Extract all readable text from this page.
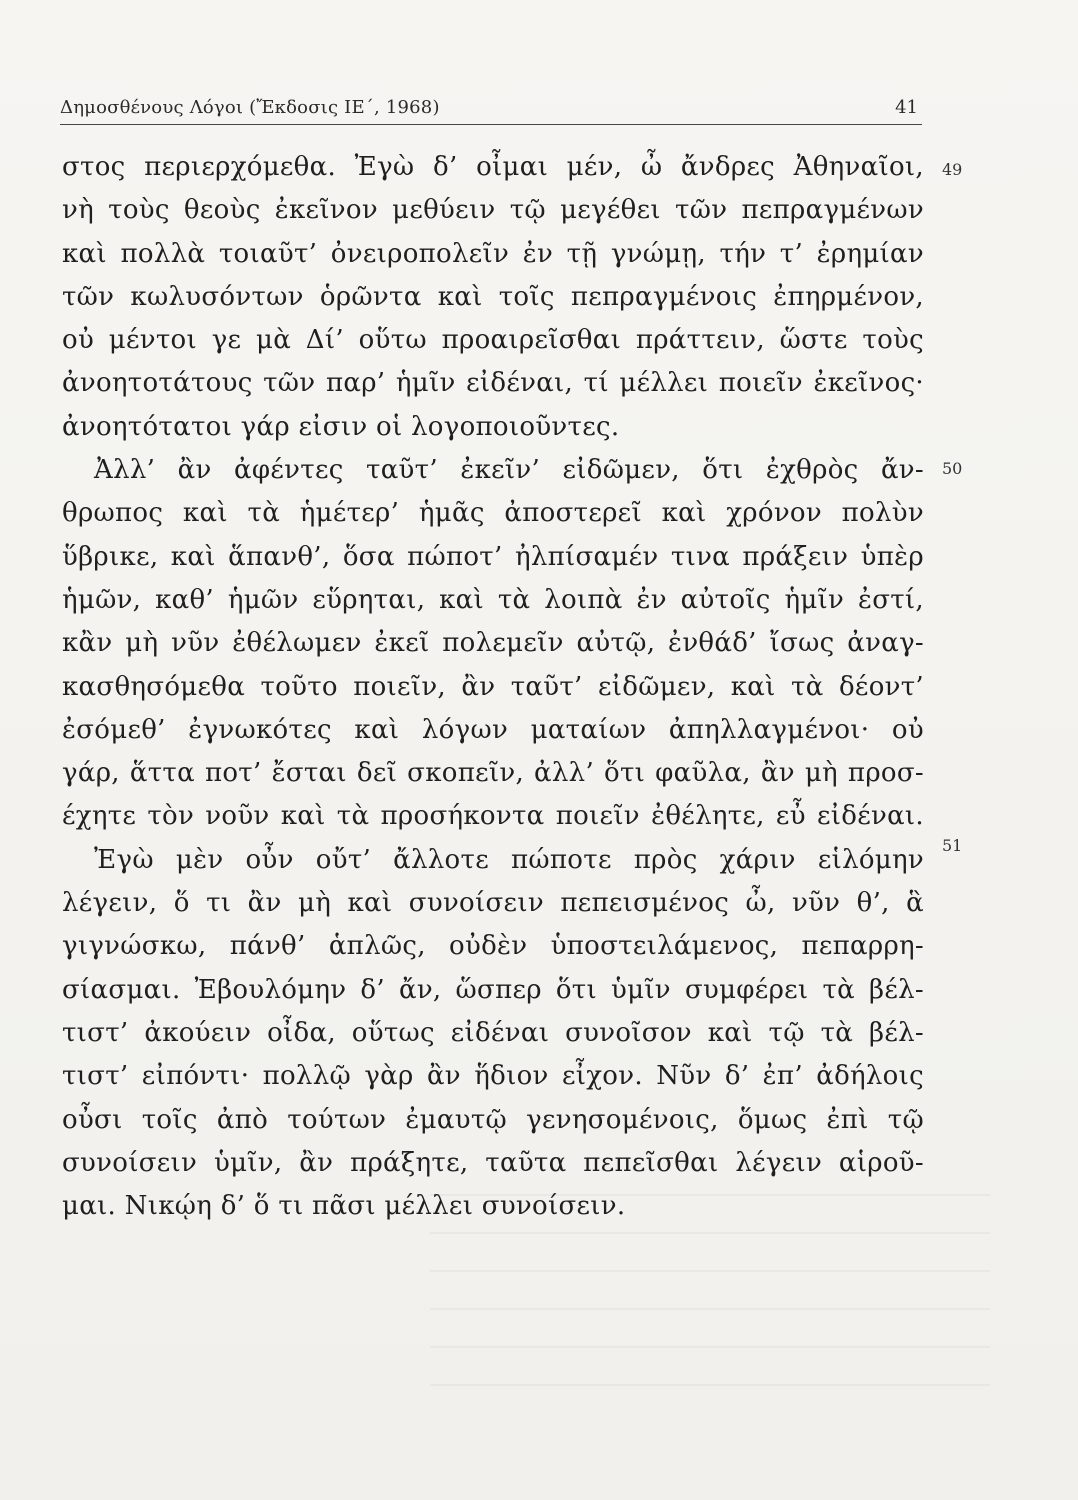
Δημοσθένους Λόγοι (Ἔκδοσις ΙΕ΄, 1968)	41
49
50
51
στος περιερχόμεθα. Ἐγὼ δ’ οἶμαι μέν, ὦ ἄνδρες Ἀθηναῖοι,
νὴ τοὺς θεοὺς ἐκεῖνον μεθύειν τῷ μεγέθει τῶν πεπραγμένων
καὶ πολλὰ τοιαῦτ’ ὀνειροπολεῖν ἐν τῇ γνώμῃ, τήν τ’ ἐρημίαν
τῶν κωλυσόντων ὁρῶντα καὶ τοῖς πεπραγμένοις ἐπηρμένον,
οὐ μέντοι γε μὰ Δί’ οὕτω προαιρεῖσθαι πράττειν, ὥστε τοὺς
ἀνοητοτάτους τῶν παρ’ ἡμῖν εἰδέναι, τί μέλλει ποιεῖν ἐκεῖνος·
ἀνοητότατοι γάρ εἰσιν οἱ λογοποιοῦντες.
Ἀλλ’ ἂν ἀφέντες ταῦτ’ ἐκεῖν’ εἰδῶμεν, ὅτι ἐχθρὸς ἄν-
θρωπος καὶ τὰ ἡμέτερ’ ἡμᾶς ἀποστερεῖ καὶ χρόνον πολὺν
ὕβρικε, καὶ ἅπανθ’, ὅσα πώποτ’ ἠλπίσαμέν τινα πράξειν ὑπὲρ
ἡμῶν, καθ’ ἡμῶν εὕρηται, καὶ τὰ λοιπὰ ἐν αὐτοῖς ἡμῖν ἐστί,
κἂν μὴ νῦν ἐθέλωμεν ἐκεῖ πολεμεῖν αὐτῷ, ἐνθάδ’ ἴσως ἀναγ-
κασθησόμεθα τοῦτο ποιεῖν, ἂν ταῦτ’ εἰδῶμεν, καὶ τὰ δέοντ’
ἐσόμεθ’ ἐγνωκότες καὶ λόγων ματαίων ἀπηλλαγμένοι· οὐ
γάρ, ἅττα ποτ’ ἔσται δεῖ σκοπεῖν, ἀλλ’ ὅτι φαῦλα, ἂν μὴ προσ-
έχητε τὸν νοῦν καὶ τὰ προσήκοντα ποιεῖν ἐθέλητε, εὖ εἰδέναι.
Ἐγὼ μὲν οὖν οὔτ’ ἄλλοτε πώποτε πρὸς χάριν εἱλόμην
λέγειν, ὅ τι ἂν μὴ καὶ συνοίσειν πεπεισμένος ὦ, νῦν θ’, ἃ
γιγνώσκω, πάνθ’ ἁπλῶς, οὐδὲν ὑποστειλάμενος, πεπαρρη-
σίασμαι. Ἐβουλόμην δ’ ἄν, ὥσπερ ὅτι ὑμῖν συμφέρει τὰ βέλ-
τιστ’ ἀκούειν οἶδα, οὕτως εἰδέναι συνοῖσον καὶ τῷ τὰ βέλ-
τιστ’ εἰπόντι· πολλῷ γὰρ ἂν ἥδιον εἶχον. Νῦν δ’ ἐπ’ ἀδήλοις
οὖσι τοῖς ἀπὸ τούτων ἐμαυτῷ γενησομένοις, ὅμως ἐπὶ τῷ
συνοίσειν ὑμῖν, ἂν πράξητε, ταῦτα πεπεῖσθαι λέγειν αἱροῦ-
μαι. Νικῴη δ’ ὅ τι πᾶσι μέλλει συνοίσειν.
